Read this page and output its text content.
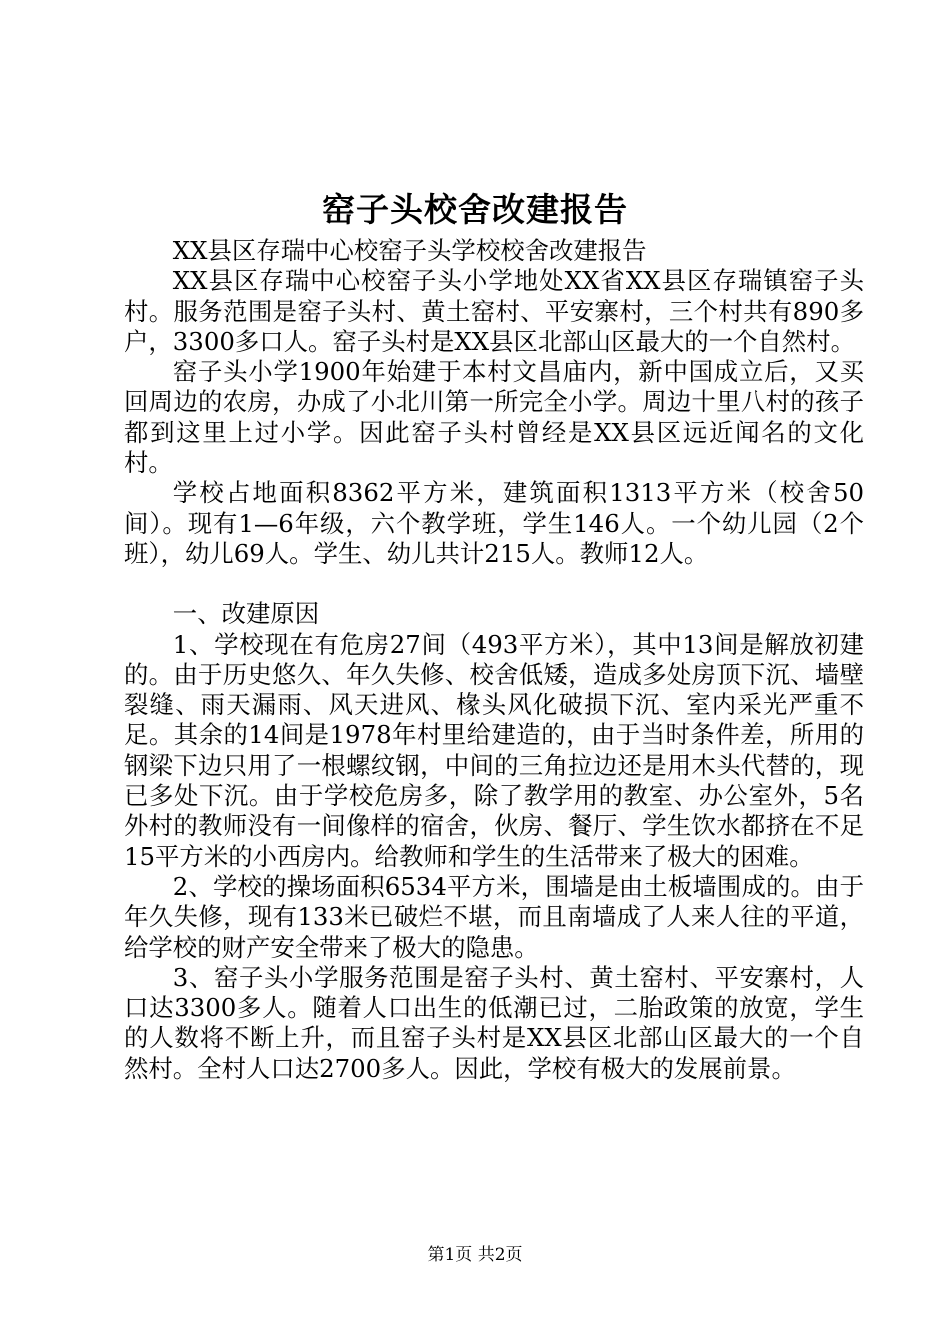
窑子头校舍改建报告

XX县区存瑞中心校窑子头学校校舍改建报告

XX县区存瑞中心校窑子头小学地处XX省XX县区存瑞镇窑子头村。服务范围是窑子头村、黄土窑村、平安寨村，三个村共有890多户，3300多口人。窑子头村是XX县区北部山区最大的一个自然村。

窑子头小学1900年始建于本村文昌庙内，新中国成立后，又买回周边的农房，办成了小北川第一所完全小学。周边十里八村的孩子都到这里上过小学。因此窑子头村曾经是XX县区远近闻名的文化村。

学校占地面积8362平方米，建筑面积1313平方米（校舍50间）。现有1—6年级，六个教学班，学生146人。一个幼儿园（2个班），幼儿69人。学生、幼儿共计215人。教师12人。

一、改建原因

1、学校现在有危房27间（493平方米），其中13间是解放初建的。由于历史悠久、年久失修、校舍低矮，造成多处房顶下沉、墙壁裂缝、雨天漏雨、风天进风、椽头风化破损下沉、室内采光严重不足。其余的14间是1978年村里给建造的，由于当时条件差，所用的钢梁下边只用了一根螺纹钢，中间的三角拉边还是用木头代替的，现已多处下沉。由于学校危房多，除了教学用的教室、办公室外，5名外村的教师没有一间像样的宿舍，伙房、餐厅、学生饮水都挤在不足15平方米的小西房内。给教师和学生的生活带来了极大的困难。

2、学校的操场面积6534平方米，围墙是由土板墙围成的。由于年久失修，现有133米已破烂不堪，而且南墙成了人来人往的平道，给学校的财产安全带来了极大的隐患。

3、窑子头小学服务范围是窑子头村、黄土窑村、平安寨村，人口达3300多人。随着人口出生的低潮已过，二胎政策的放宽，学生的人数将不断上升，而且窑子头村是XX县区北部山区最大的一个自然村。全村人口达2700多人。因此，学校有极大的发展前景。

第1页 共2页
